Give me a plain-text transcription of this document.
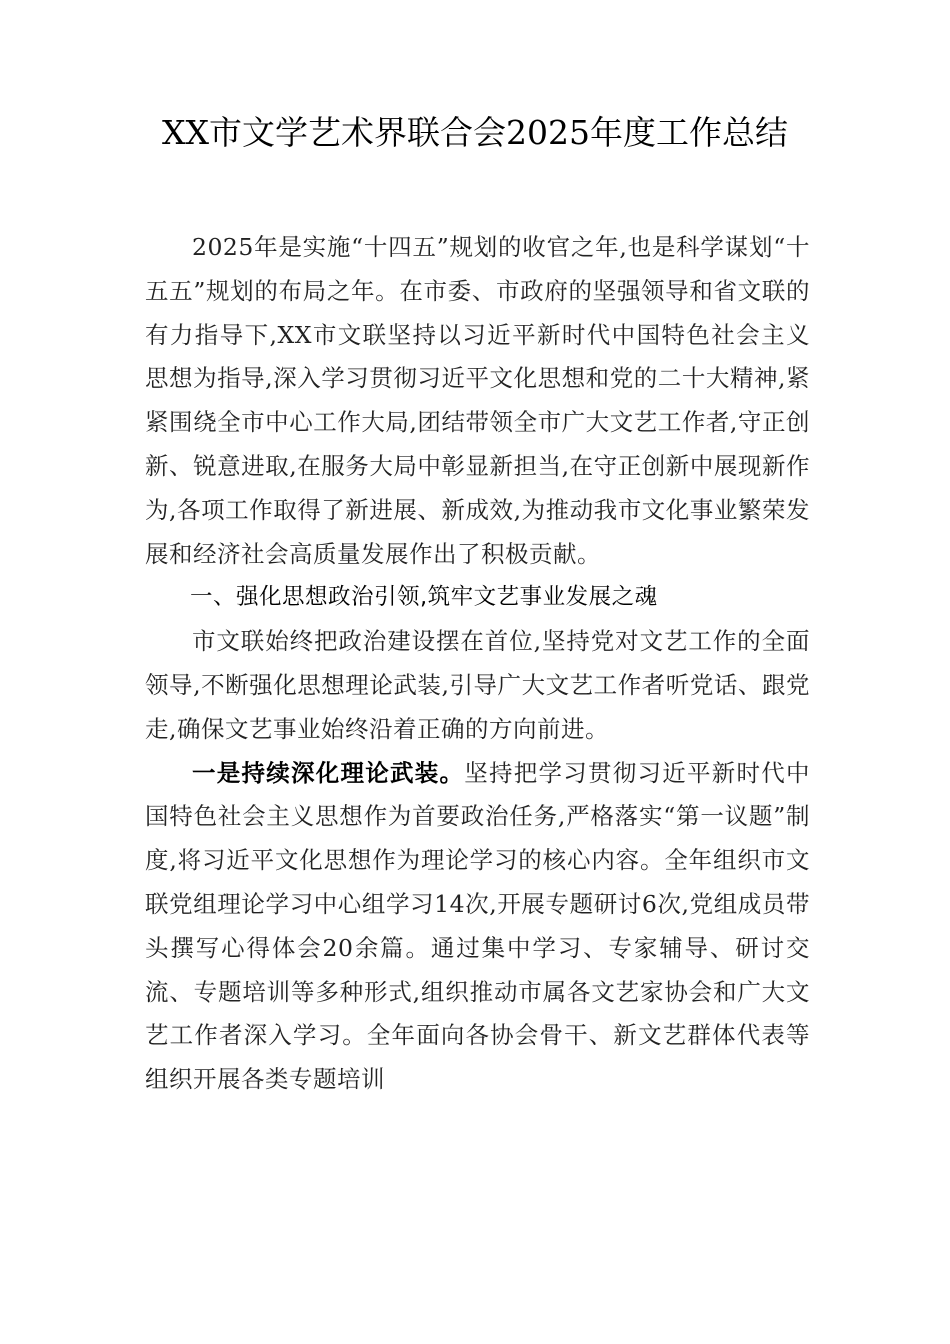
XX市文学艺术界联合会2025年度工作总结

2025年是实施“十四五”规划的收官之年,也是科学谋划“十五五”规划的布局之年。在市委、市政府的坚强领导和省文联的有力指导下,XX市文联坚持以习近平新时代中国特色社会主义思想为指导,深入学习贯彻习近平文化思想和党的二十大精神,紧紧围绕全市中心工作大局,团结带领全市广大文艺工作者,守正创新、锐意进取,在服务大局中彰显新担当,在守正创新中展现新作为,各项工作取得了新进展、新成效,为推动我市文化事业繁荣发展和经济社会高质量发展作出了积极贡献。

一、强化思想政治引领,筑牢文艺事业发展之魂

市文联始终把政治建设摆在首位,坚持党对文艺工作的全面领导,不断强化思想理论武装,引导广大文艺工作者听党话、跟党走,确保文艺事业始终沿着正确的方向前进。

一是持续深化理论武装。坚持把学习贯彻习近平新时代中国特色社会主义思想作为首要政治任务,严格落实“第一议题”制度,将习近平文化思想作为理论学习的核心内容。全年组织市文联党组理论学习中心组学习14次,开展专题研讨6次,党组成员带头撰写心得体会20余篇。通过集中学习、专家辅导、研讨交流、专题培训等多种形式,组织推动市属各文艺家协会和广大文艺工作者深入学习。全年面向各协会骨干、新文艺群体代表等组织开展各类专题培训
